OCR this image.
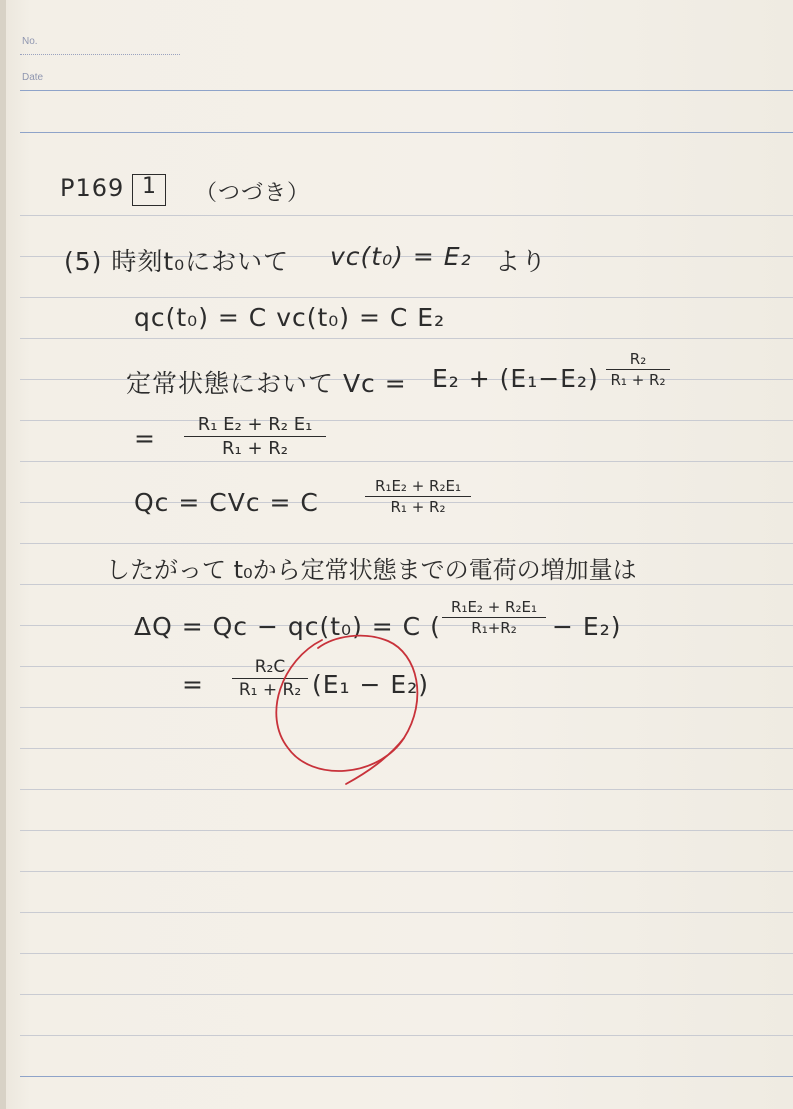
No.
Date
P169 1 （つづき）
(5) 時刻t₀において vc(t₀) = E₂ より
qc(t₀) = C vc(t₀) = C E₂
定常状態において Vc = E₂ + (E₁−E₂)
R₂
R₁ + R₂
=	R₁ E₂ + R₂ E₁
R₁ + R₂
Qc = CVc = C
R₁E₂ + R₂E₁
R₁ + R₂
したがって t₀から定常状態までの電荷の増加量は
ΔQ = Qc − qc(t₀) = C (
R₁E₂ + R₂E₁
R₁+R₂	− E₂)
=
R₂C
R₁ + R₂ (E₁ − E₂)
